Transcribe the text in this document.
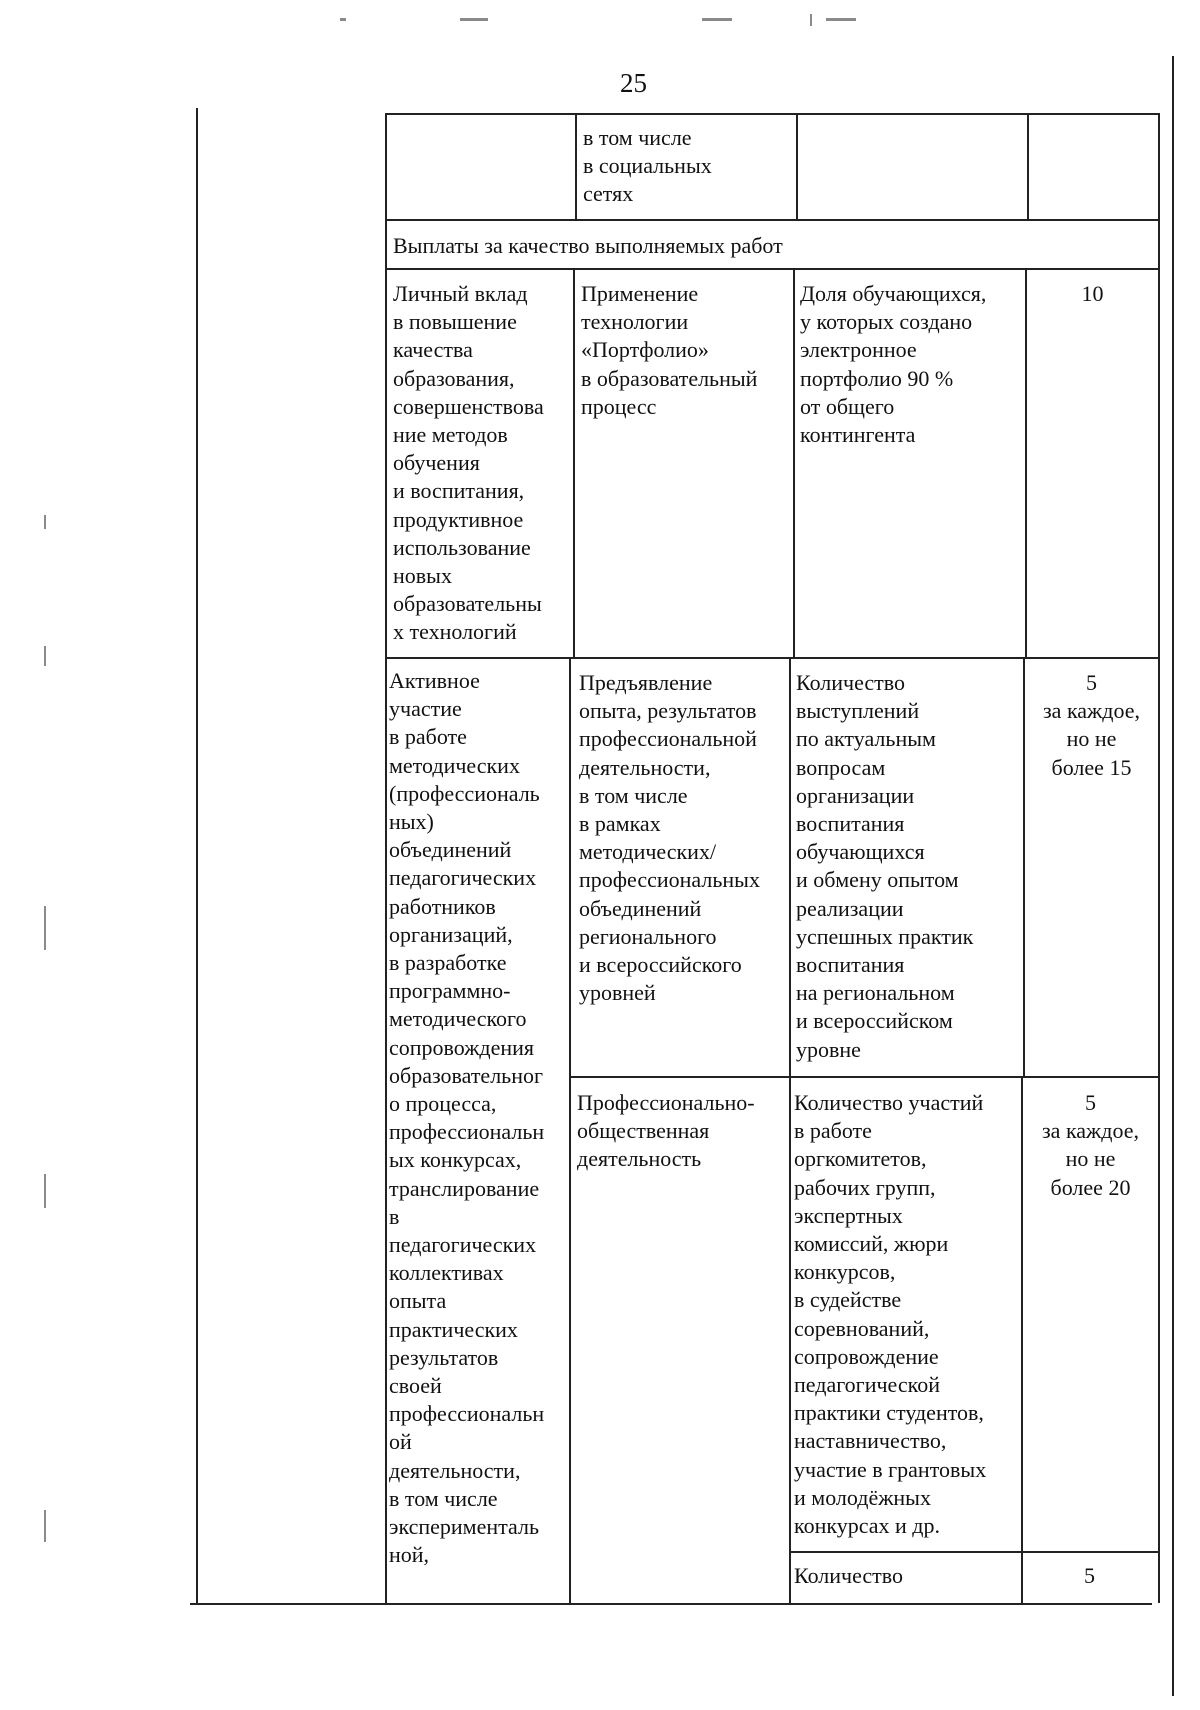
25
в том числе
в социальных
сетях
Выплаты за качество выполняемых работ
Личный вклад
в повышение
качества
образования,
совершенствова
ние методов
обучения
и воспитания,
продуктивное
использование
новых
образовательны
х технологий
Применение
технологии
«Портфолио»
в образовательный
процесс
Доля обучающихся,
у которых создано
электронное
портфолио 90 %
от общего
контингента
10
Активное
участие
в работе
методических
(профессиональ
ных)
объединений
педагогических
работников
организаций,
в разработке
программно-
методического
сопровождения
образовательног
о процесса,
профессиональн
ых конкурсах,
транслирование
в
педагогических
коллективах
опыта
практических
результатов
своей
профессиональн
ой
деятельности,
в том числе
эксперименталь
ной,
Предъявление
опыта, результатов
профессиональной
деятельности,
в том числе
в рамках
методических/
профессиональных
объединений
регионального
и всероссийского
уровней
Количество
выступлений
по актуальным
вопросам
организации
воспитания
обучающихся
и обмену опытом
реализации
успешных практик
воспитания
на региональном
и всероссийском
уровне
5
за каждое,
но не
более 15
Профессионально-
общественная
деятельность
Количество участий
в работе
оргкомитетов,
рабочих групп,
экспертных
комиссий, жюри
конкурсов,
в судействе
соревнований,
сопровождение
педагогической
практики студентов,
наставничество,
участие в грантовых
и молодёжных
конкурсах и др.
5
за каждое,
но не
более 20
Количество	5
